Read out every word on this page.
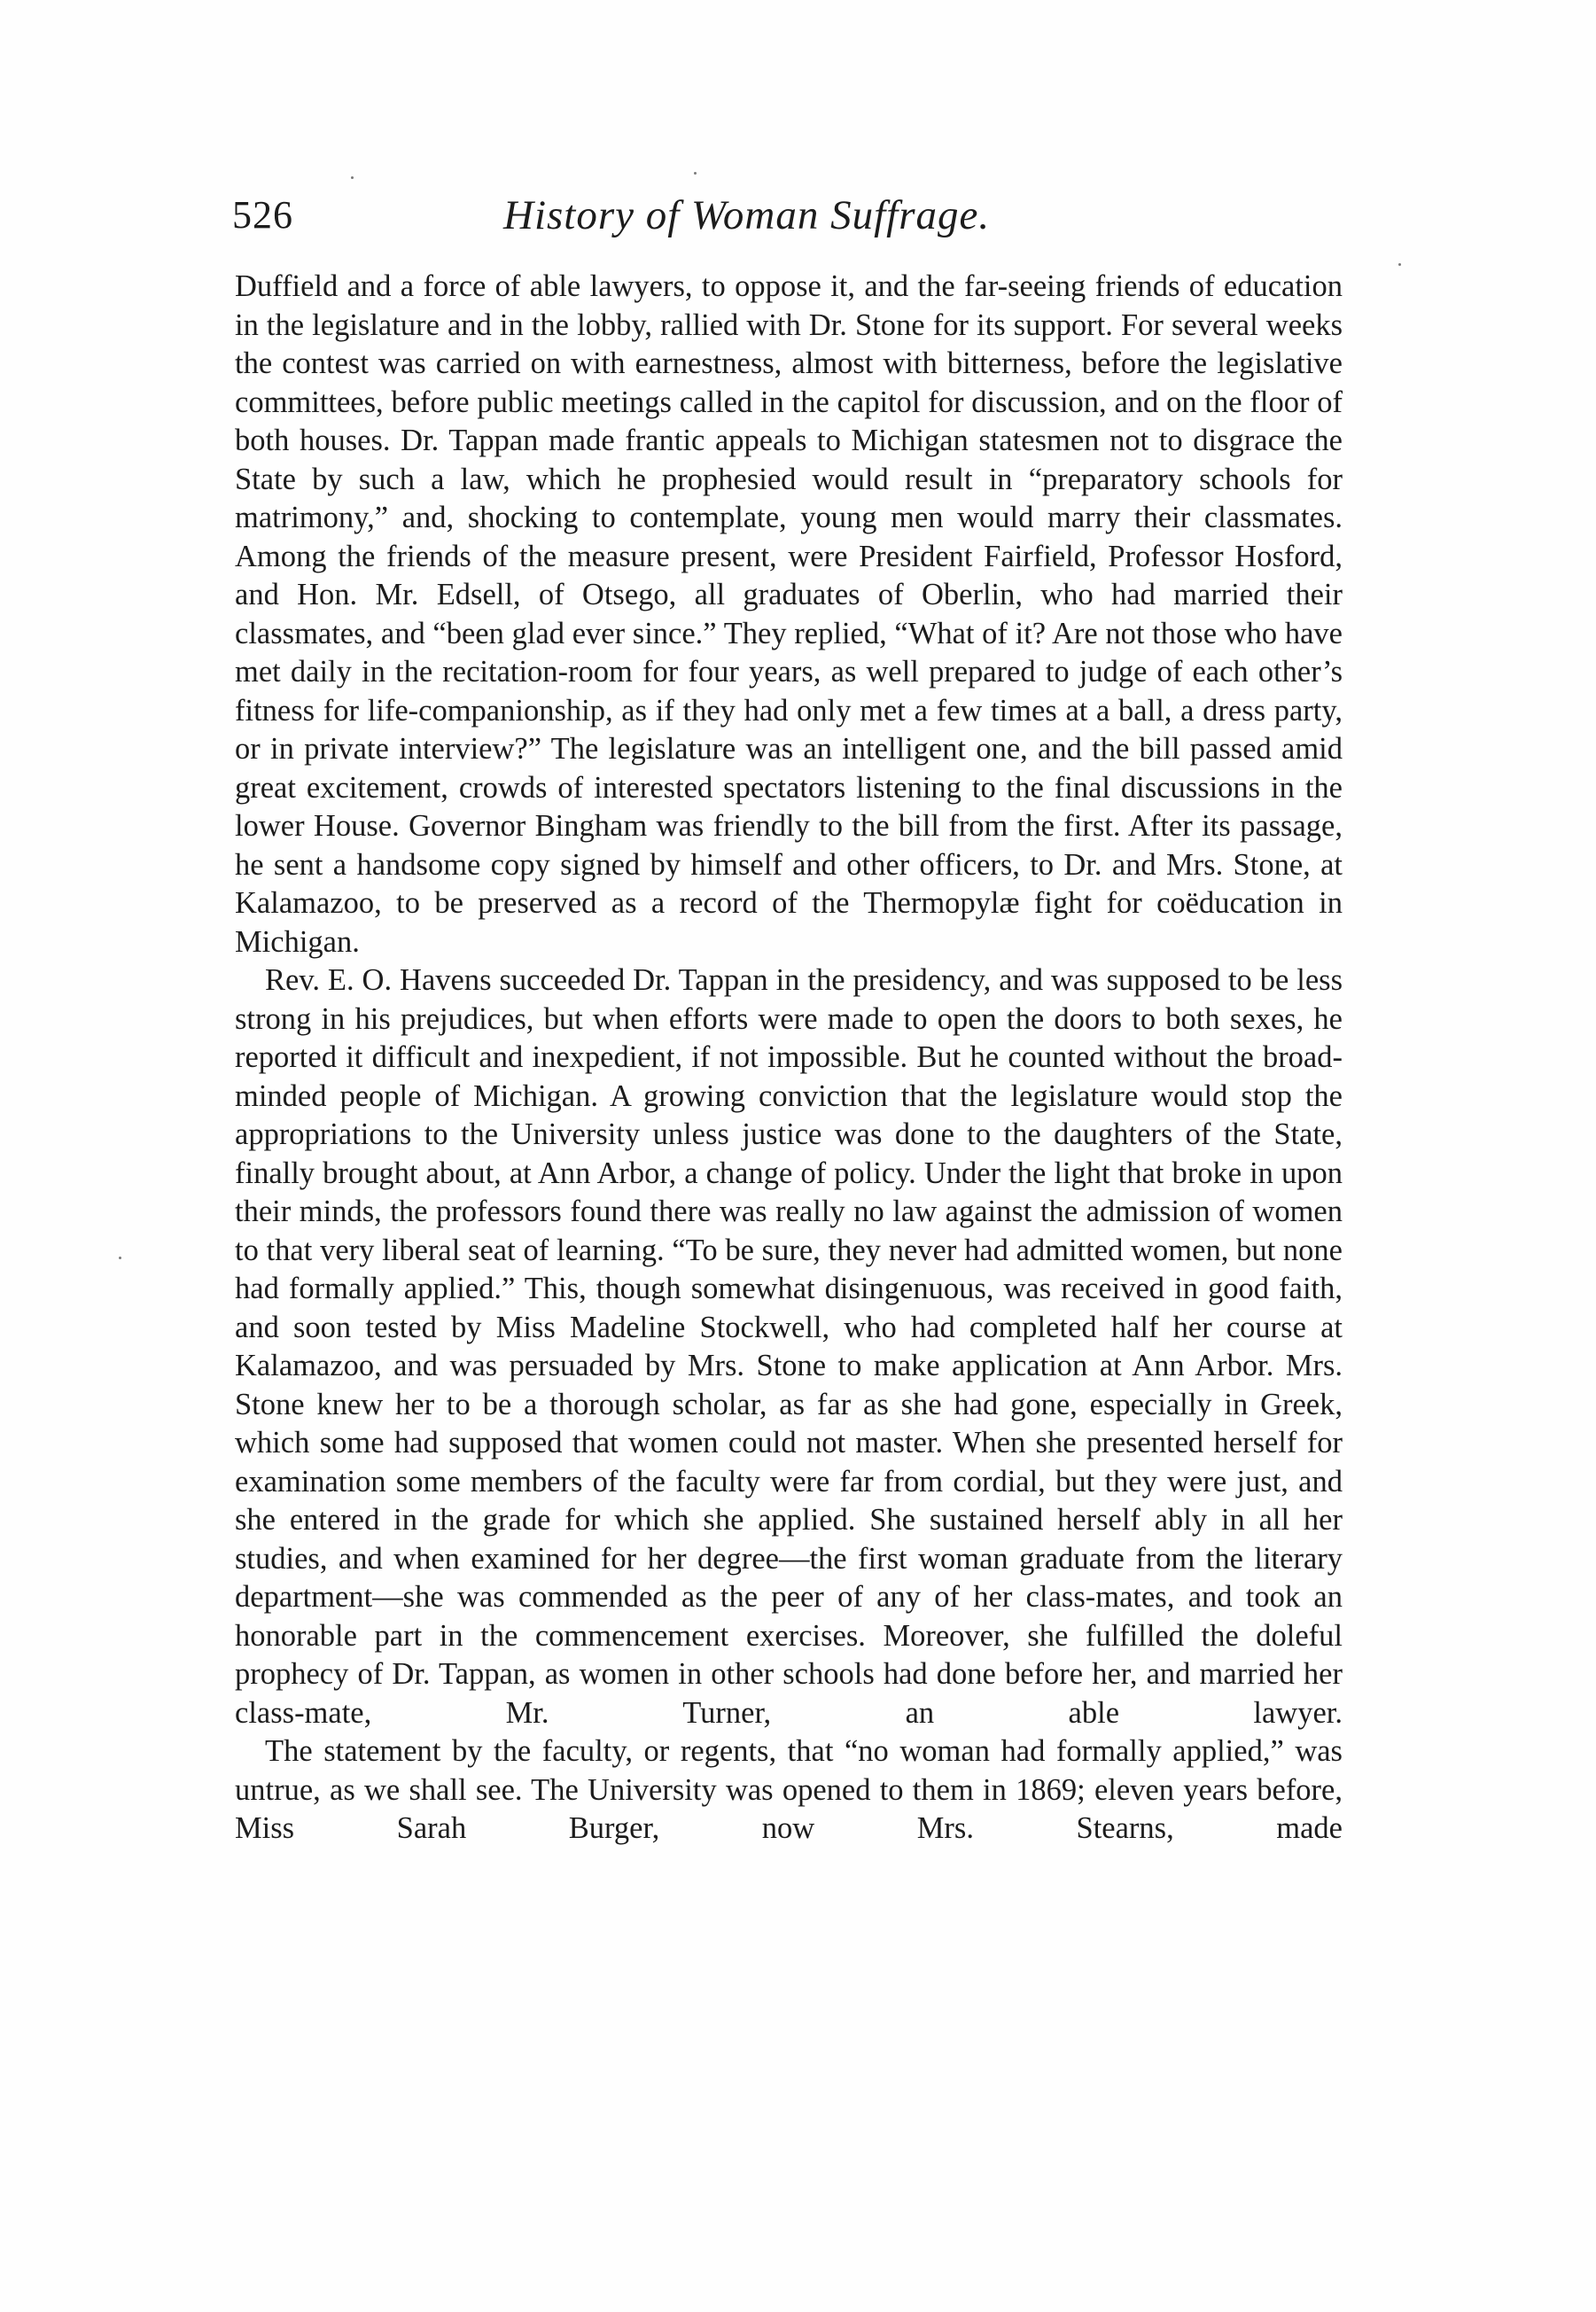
526	History of Woman Suffrage.

Duffield and a force of able lawyers, to oppose it, and the far-seeing friends of education in the legislature and in the lobby, rallied with Dr. Stone for its support. For several weeks the contest was carried on with earnestness, almost with bitterness, before the legislative committees, before public meetings called in the capitol for discussion, and on the floor of both houses. Dr. Tappan made frantic appeals to Michigan statesmen not to disgrace the State by such a law, which he prophesied would result in “preparatory schools for matrimony,” and, shocking to contemplate, young men would marry their classmates. Among the friends of the measure present, were President Fairfield, Professor Hosford, and Hon. Mr. Edsell, of Otsego, all graduates of Oberlin, who had married their classmates, and “been glad ever since.” They replied, “What of it? Are not those who have met daily in the recitation-room for four years, as well prepared to judge of each other’s fitness for life-companionship, as if they had only met a few times at a ball, a dress party, or in private interview?” The legislature was an intelligent one, and the bill passed amid great excitement, crowds of interested spectators listening to the final discussions in the lower House. Governor Bingham was friendly to the bill from the first. After its passage, he sent a handsome copy signed by himself and other officers, to Dr. and Mrs. Stone, at Kalamazoo, to be preserved as a record of the Thermopylæ fight for coëducation in Michigan.

Rev. E. O. Havens succeeded Dr. Tappan in the presidency, and was supposed to be less strong in his prejudices, but when efforts were made to open the doors to both sexes, he reported it difficult and inexpedient, if not impossible. But he counted without the broad-minded people of Michigan. A growing conviction that the legislature would stop the appropriations to the University unless justice was done to the daughters of the State, finally brought about, at Ann Arbor, a change of policy. Under the light that broke in upon their minds, the professors found there was really no law against the admission of women to that very liberal seat of learning. “To be sure, they never had admitted women, but none had formally applied.” This, though somewhat disingenuous, was received in good faith, and soon tested by Miss Madeline Stockwell, who had completed half her course at Kalamazoo, and was persuaded by Mrs. Stone to make application at Ann Arbor. Mrs. Stone knew her to be a thorough scholar, as far as she had gone, especially in Greek, which some had supposed that women could not master. When she presented herself for examination some members of the faculty were far from cordial, but they were just, and she entered in the grade for which she applied. She sustained herself ably in all her studies, and when examined for her degree—the first woman graduate from the literary department—she was commended as the peer of any of her class-mates, and took an honorable part in the commencement exercises. Moreover, she fulfilled the doleful prophecy of Dr. Tappan, as women in other schools had done before her, and married her class-mate, Mr. Turner, an able lawyer.

The statement by the faculty, or regents, that “no woman had formally applied,” was untrue, as we shall see. The University was opened to them in 1869; eleven years before, Miss Sarah Burger, now Mrs. Stearns, made
